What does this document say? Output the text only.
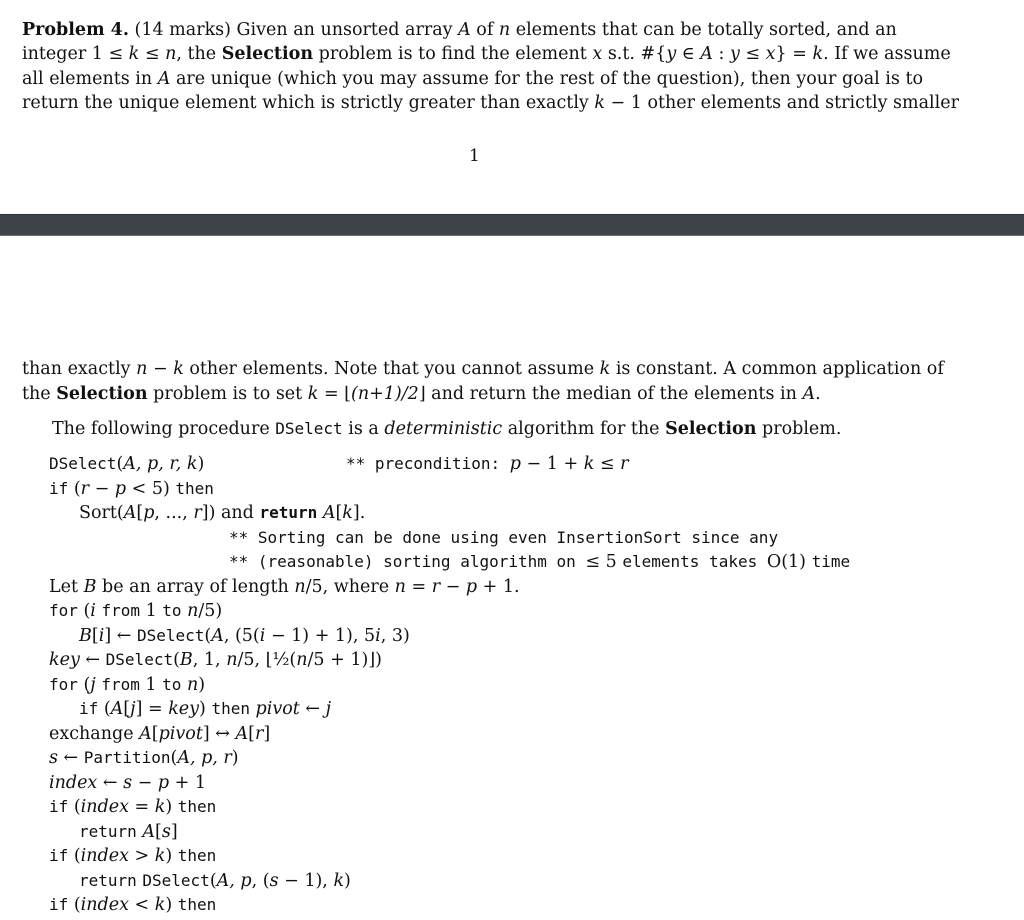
Problem 4. (14 marks) Given an unsorted array A of n elements that can be totally sorted, and an
integer 1 ≤ k ≤ n, the Selection problem is to find the element x s.t. #{y ∈ A : y ≤ x} = k. If we assume
all elements in A are unique (which you may assume for the rest of the question), then your goal is to
return the unique element which is strictly greater than exactly k − 1 other elements and strictly smaller
1
than exactly n − k other elements. Note that you cannot assume k is constant. A common application of
the Selection problem is to set k = ⌊(n+1)/2⌋ and return the median of the elements in A.
The following procedure DSelect is a deterministic algorithm for the Selection problem.
DSelect(A, p, r, k)	** precondition: p − 1 + k ≤ r
if (r − p < 5) then
Sort(A[p, ..., r]) and return A[k].
** Sorting can be done using even InsertionSort since any
** (reasonable) sorting algorithm on ≤ 5 elements takes O(1) time
Let B be an array of length n/5, where n = r − p + 1.
for (i from 1 to n/5)
B[i] ← DSelect(A, (5(i − 1) + 1), 5i, 3)
key ← DSelect(B, 1, n/5, ⌊½(n/5 + 1)⌋)
for (j from 1 to n)
if (A[j] = key) then pivot ← j
exchange A[pivot] ↔ A[r]
s ← Partition(A, p, r)
index ← s − p + 1
if (index = k) then
return A[s]
if (index > k) then
return DSelect(A, p, (s − 1), k)
if (index < k) then
